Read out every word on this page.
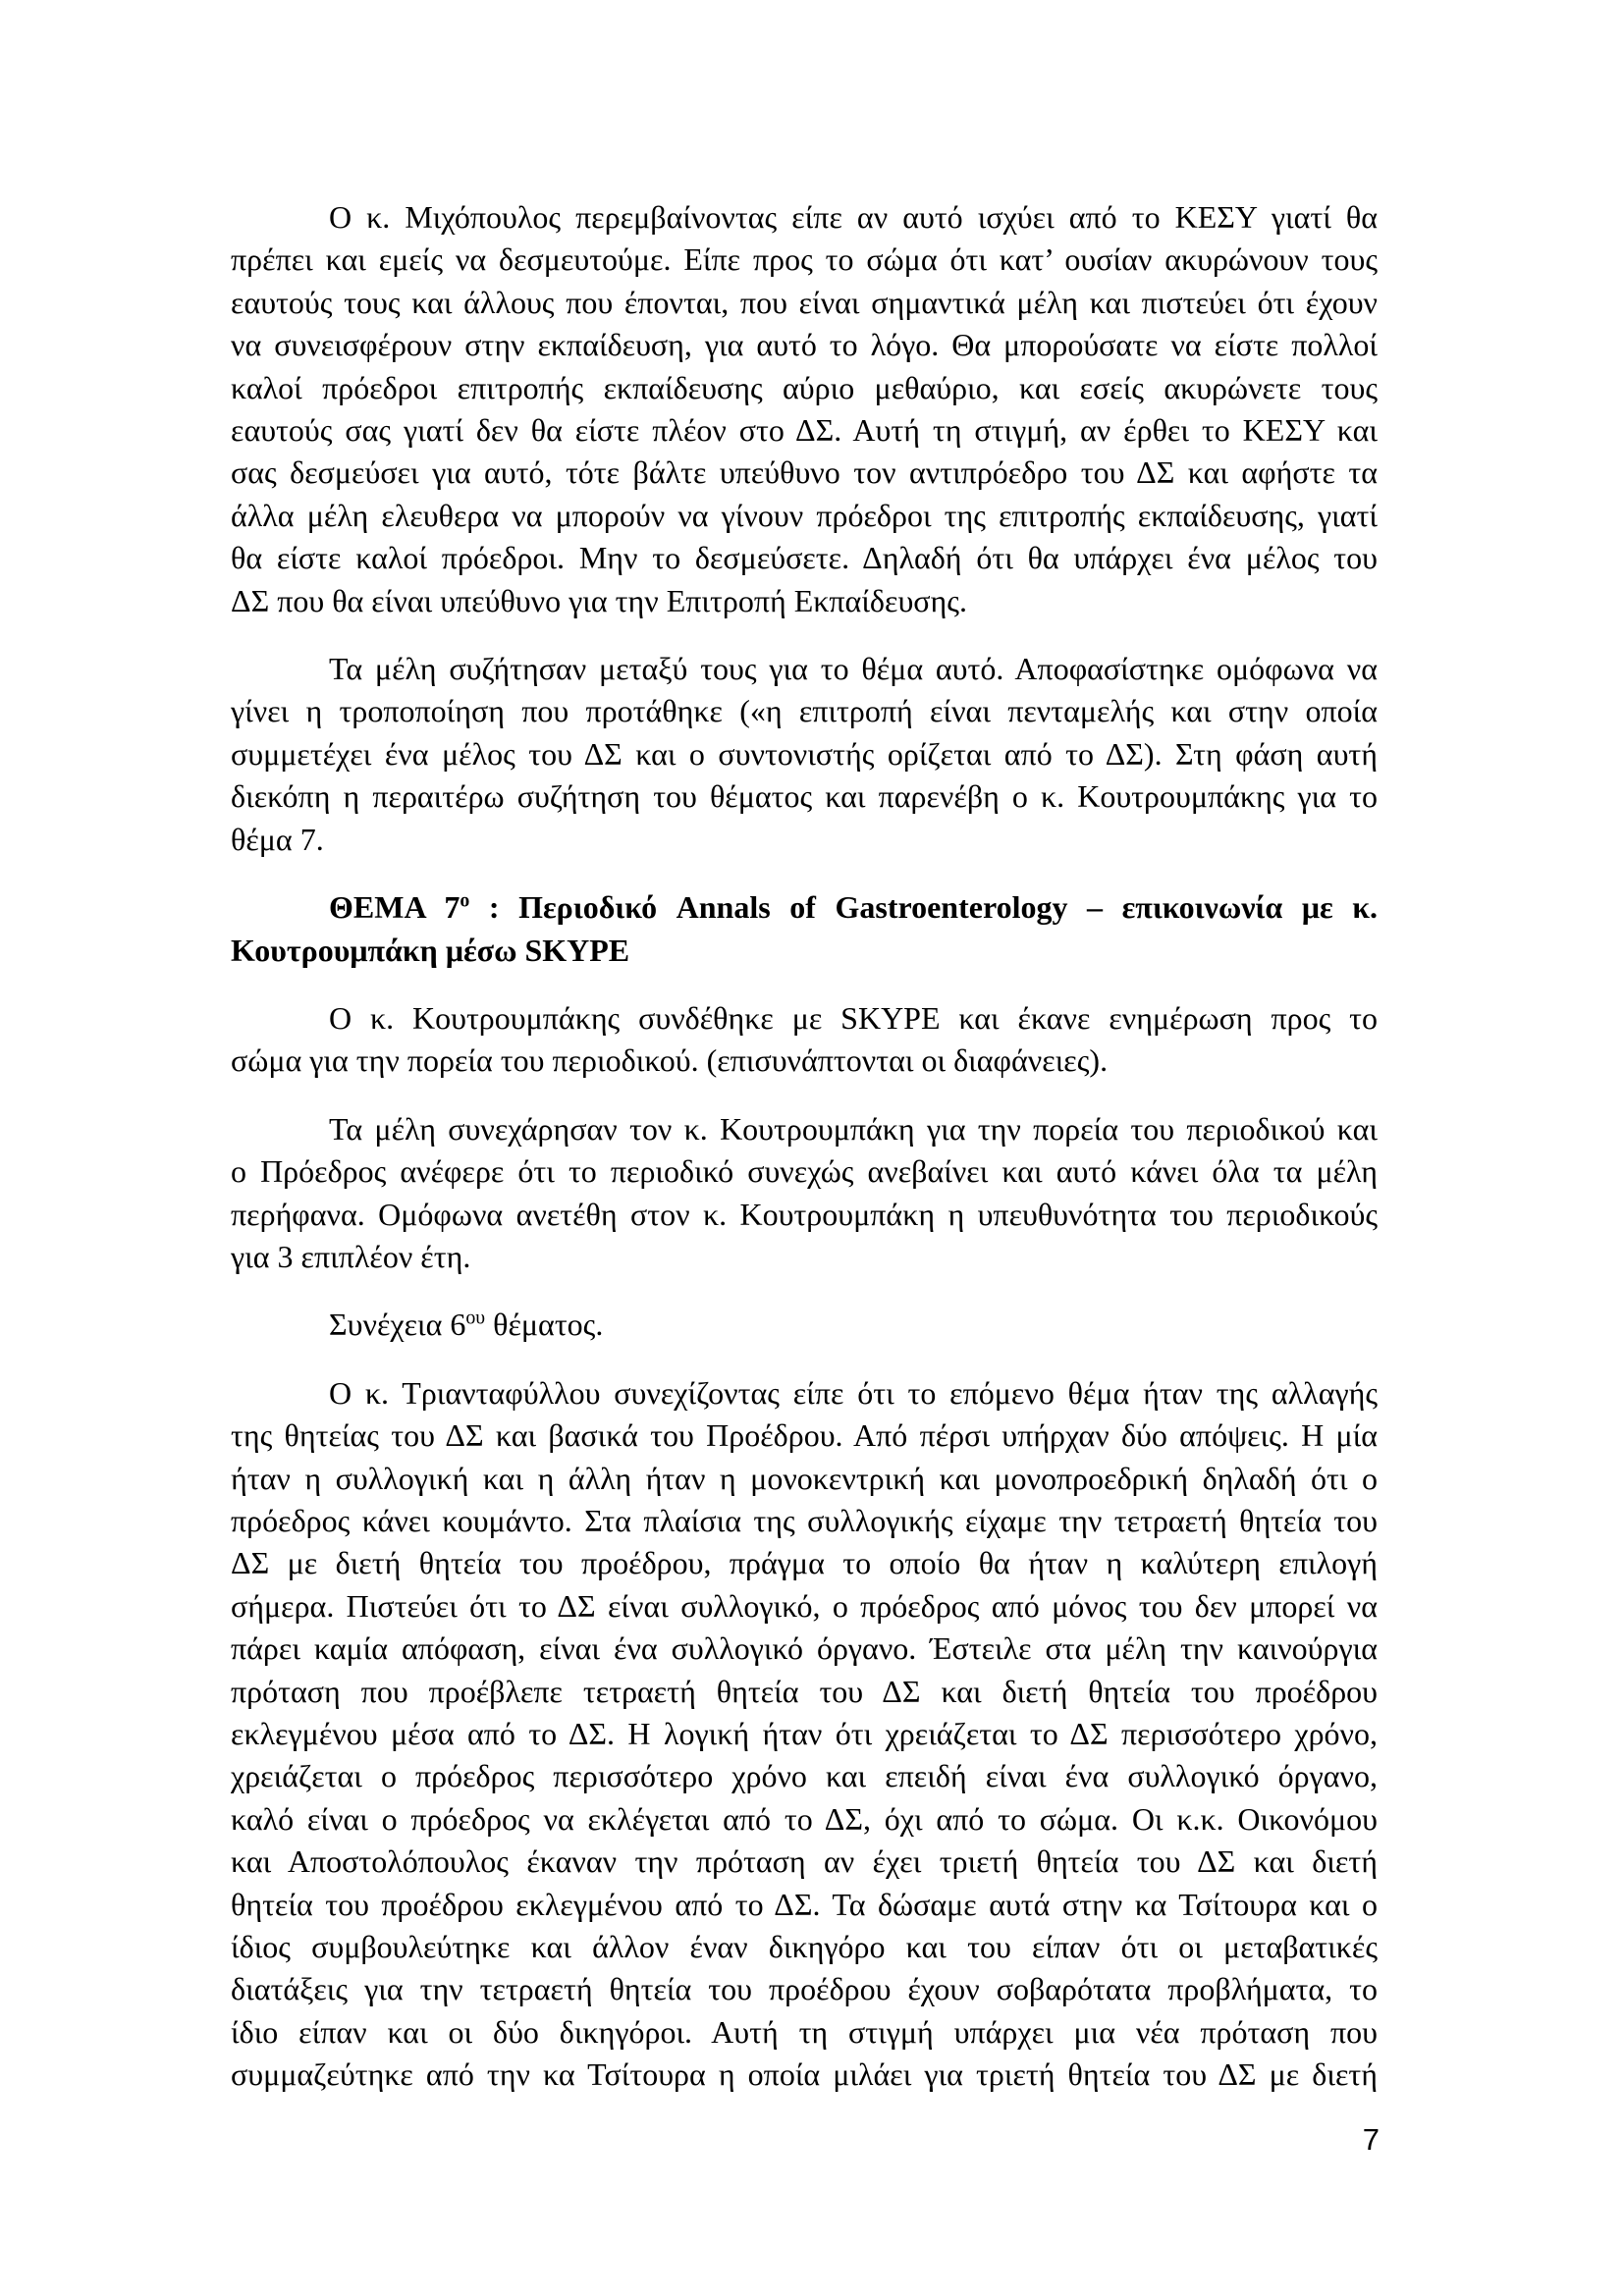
Ο κ. Μιχόπουλος περεμβαίνοντας είπε αν αυτό ισχύει από το ΚΕΣΥ γιατί θα
πρέπει και εμείς να δεσμευτούμε. Είπε προς το σώμα ότι κατ’ ουσίαν ακυρώνουν τους
εαυτούς τους και άλλους που έπονται, που είναι σημαντικά μέλη και πιστεύει ότι έχουν
να συνεισφέρουν στην εκπαίδευση, για αυτό το λόγο. Θα μπορούσατε να είστε πολλοί
καλοί πρόεδροι επιτροπής εκπαίδευσης αύριο μεθαύριο, και εσείς ακυρώνετε τους
εαυτούς σας γιατί δεν θα είστε πλέον στο ΔΣ. Αυτή τη στιγμή, αν έρθει το ΚΕΣΥ και
σας δεσμεύσει για αυτό, τότε βάλτε υπεύθυνο τον αντιπρόεδρο του ΔΣ και αφήστε τα
άλλα μέλη ελευθερα να μπορούν να γίνουν πρόεδροι της επιτροπής εκπαίδευσης, γιατί
θα είστε καλοί πρόεδροι. Μην το δεσμεύσετε. Δηλαδή ότι θα υπάρχει ένα μέλος του
ΔΣ που θα είναι υπεύθυνο για την Επιτροπή Εκπαίδευσης.
Τα μέλη συζήτησαν μεταξύ τους για το θέμα αυτό. Αποφασίστηκε ομόφωνα να
γίνει η τροποποίηση που προτάθηκε («η επιτροπή είναι πενταμελής και στην οποία
συμμετέχει ένα μέλος του ΔΣ και ο συντονιστής ορίζεται από το ΔΣ). Στη φάση αυτή
διεκόπη η περαιτέρω συζήτηση του θέματος και παρενέβη ο κ. Κουτρουμπάκης για το
θέμα 7.
ΘΕΜΑ $7^o$ : Περιοδικό Annals of Gastroenterology – επικοινωνία με κ.
Κουτρουμπάκη μέσω SKYPE
Ο κ. Κουτρουμπάκης συνδέθηκε με SKYPE και έκανε ενημέρωση προς το
σώμα για την πορεία του περιοδικού. (επισυνάπτονται οι διαφάνειες).
Τα μέλη συνεχάρησαν τον κ. Κουτρουμπάκη για την πορεία του περιοδικού και
ο Πρόεδρος ανέφερε ότι το περιοδικό συνεχώς ανεβαίνει και αυτό κάνει όλα τα μέλη
περήφανα. Ομόφωνα ανετέθη στον κ. Κουτρουμπάκη η υπευθυνότητα του περιοδικούς
για 3 επιπλέον έτη.
Συνέχεια $6^{o\upsilon}$ θέματος.
Ο κ. Τριανταφύλλου συνεχίζοντας είπε ότι το επόμενο θέμα ήταν της αλλαγής
της θητείας του ΔΣ και βασικά του Προέδρου. Από πέρσι υπήρχαν δύο απόψεις. Η μία
ήταν η συλλογική και η άλλη ήταν η μονοκεντρική και μονοπροεδρική δηλαδή ότι ο
πρόεδρος κάνει κουμάντο. Στα πλαίσια της συλλογικής είχαμε την τετραετή θητεία του
ΔΣ με διετή θητεία του προέδρου, πράγμα το οποίο θα ήταν η καλύτερη επιλογή
σήμερα. Πιστεύει ότι το ΔΣ είναι συλλογικό, ο πρόεδρος από μόνος του δεν μπορεί να
πάρει καμία απόφαση, είναι ένα συλλογικό όργανο. Έστειλε στα μέλη την καινούργια
πρόταση που προέβλεπε τετραετή θητεία του ΔΣ και διετή θητεία του προέδρου
εκλεγμένου μέσα από το ΔΣ. Η λογική ήταν ότι χρειάζεται το ΔΣ περισσότερο χρόνο,
χρειάζεται ο πρόεδρος περισσότερο χρόνο και επειδή είναι ένα συλλογικό όργανο,
καλό είναι ο πρόεδρος να εκλέγεται από το ΔΣ, όχι από το σώμα. Οι κ.κ. Οικονόμου
και Αποστολόπουλος έκαναν την πρόταση αν έχει τριετή θητεία του ΔΣ και διετή
θητεία του προέδρου εκλεγμένου από το ΔΣ. Τα δώσαμε αυτά στην κα Τσίτουρα και ο
ίδιος συμβουλεύτηκε και άλλον έναν δικηγόρο και του είπαν ότι οι μεταβατικές
διατάξεις για την τετραετή θητεία του προέδρου έχουν σοβαρότατα προβλήματα, το
ίδιο είπαν και οι δύο δικηγόροι. Αυτή τη στιγμή υπάρχει μια νέα πρόταση που
συμμαζεύτηκε από την κα Τσίτουρα η οποία μιλάει για τριετή θητεία του ΔΣ με διετή
7
